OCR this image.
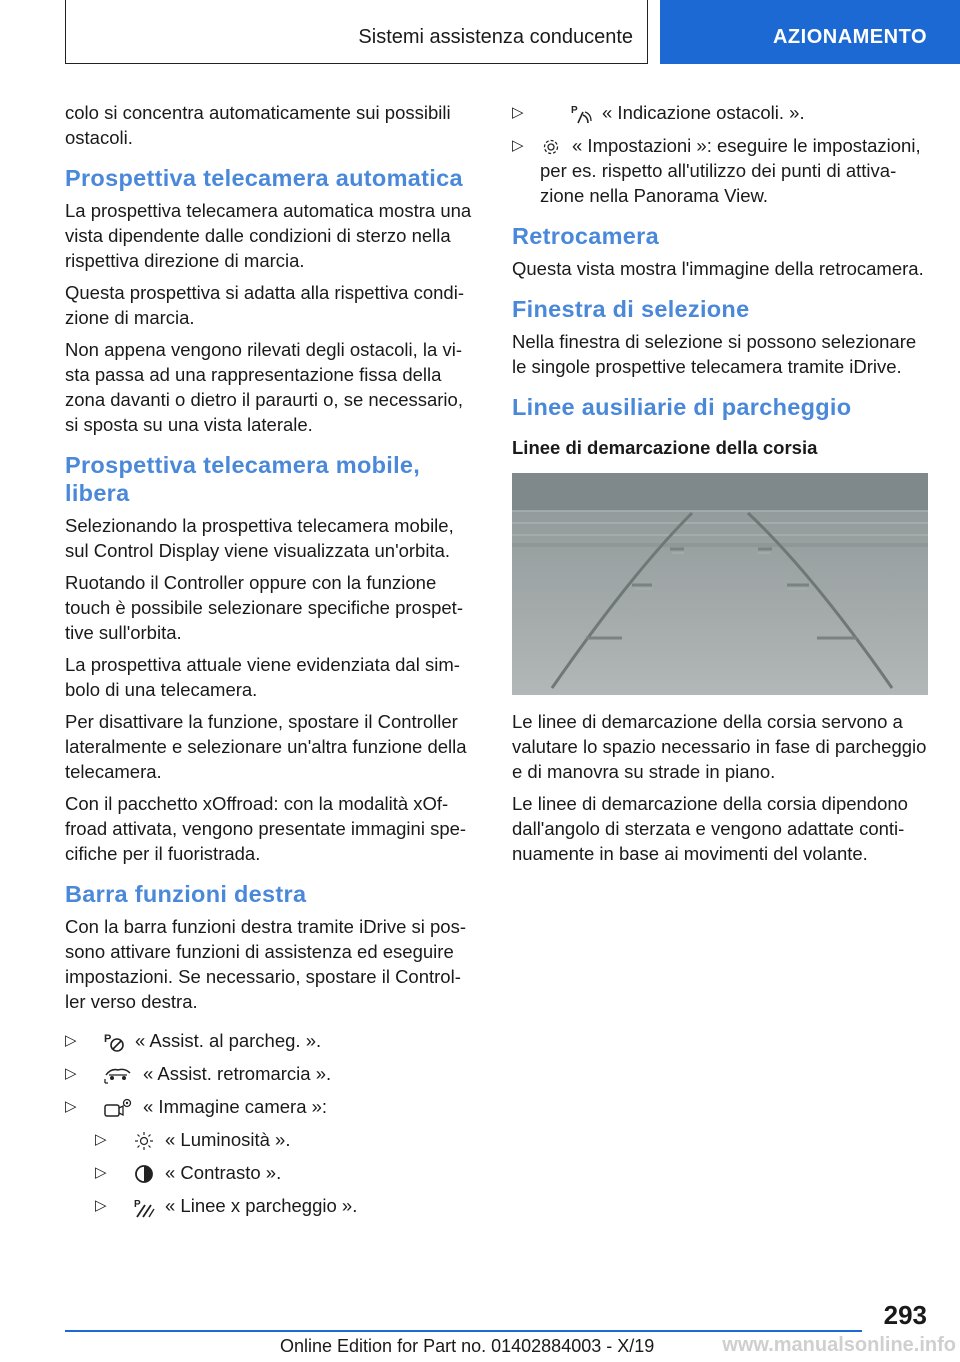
Sistemi assistenza conducente	AZIONAMENTO

colo si concentra automaticamente sui possibili ostacoli.

Prospettiva telecamera automatica

La prospettiva telecamera automatica mostra una vista dipendente dalle condizioni di sterzo nella rispettiva direzione di marcia.

Questa prospettiva si adatta alla rispettiva condizione di marcia.

Non appena vengono rilevati degli ostacoli, la vista passa ad una rappresentazione fissa della zona davanti o dietro il paraurti o, se necessario, si sposta su una vista laterale.

Prospettiva telecamera mobile, libera

Selezionando la prospettiva telecamera mobile, sul Control Display viene visualizzata un'orbita.

Ruotando il Controller oppure con la funzione touch è possibile selezionare specifiche prospettive sull'orbita.

La prospettiva attuale viene evidenziata dal simbolo di una telecamera.

Per disattivare la funzione, spostare il Controller lateralmente e selezionare un'altra funzione della telecamera.

Con il pacchetto xOffroad: con la modalità xOffroad attivata, vengono presentate immagini specifiche per il fuoristrada.

Barra funzioni destra

Con la barra funzioni destra tramite iDrive si possono attivare funzioni di assistenza ed eseguire impostazioni. Se necessario, spostare il Controller verso destra.

▷ P « Assist. al parcheg. ».
▷	« Assist. retromarcia ».
▷	« Immagine camera »:
▷	« Luminosità ».
▷	« Contrasto ».
▷	P « Linee x parcheggio ».
▷	P « Indicazione ostacoli. ».
▷	« Impostazioni »: eseguire le impostazioni, per es. rispetto all'utilizzo dei punti di attivazione nella Panorama View.
Retrocamera

Questa vista mostra l'immagine della retrocamera.

Finestra di selezione

Nella finestra di selezione si possono selezionare le singole prospettive telecamera tramite iDrive.

Linee ausiliarie di parcheggio
Linee di demarcazione della corsia

Le linee di demarcazione della corsia servono a valutare lo spazio necessario in fase di parcheggio e di manovra su strade in piano.

Le linee di demarcazione della corsia dipendono dall'angolo di sterzata e vengono adattate continuamente in base ai movimenti del volante.

293
Online Edition for Part no. 01402884003 - X/19	www.manualsonline.info
